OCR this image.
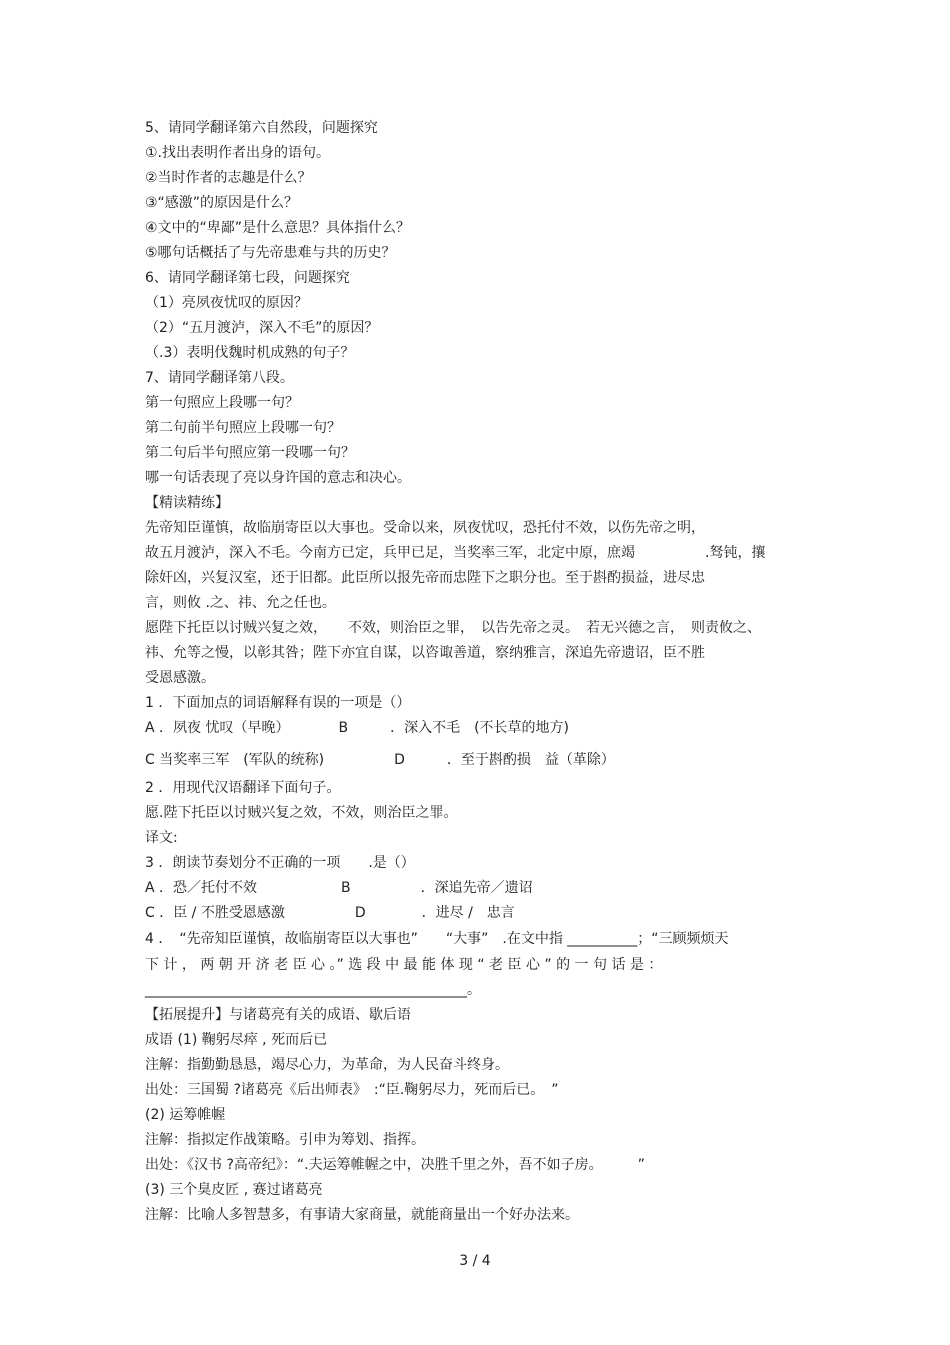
5、请同学翻译第六自然段，问题探究
①.找出表明作者出身的语句。
②当时作者的志趣是什么？
③“感激”的原因是什么？
④文中的“卑鄙”是什么意思？具体指什么？
⑤哪句话概括了与先帝患难与共的历史？
6、请同学翻译第七段，问题探究
（1）亮夙夜忧叹的原因？
（2）“五月渡泸，深入不毛”的原因？
（.3）表明伐魏时机成熟的句子？
7、请同学翻译第八段。
第一句照应上段哪一句？
第二句前半句照应上段哪一句？
第二句后半句照应第一段哪一句？
哪一句话表现了亮以身许国的意志和决心。
【精读精练】
先帝知臣谨慎，故临崩寄臣以大事也。受命以来，夙夜忧叹，恐托付不效，以伤先帝之明，
故五月渡泸，深入不毛。今南方已定，兵甲已足，当奖率三军，北定中原，庶竭　　　　　.驽钝，攘
除奸凶，兴复汉室，还于旧都。此臣所以报先帝而忠陛下之职分也。至于斟酌损益，进尽忠
言，则攸 .之、祎、允之任也。
愿陛下托臣以讨贼兴复之效，　　不效，则治臣之罪，　以告先帝之灵。　若无兴德之言，　则责攸之、
祎、允等之慢，以彰其咎；陛下亦宜自谋，以咨诹善道，察纳雅言，深追先帝遗诏，臣不胜
受恩感激。
1 ．下面加点的词语解释有误的一项是（）
A ．夙夜 忧叹（早晚）　　　　B　　　．深入不毛　(不长草的地方)
C 当奖率三军　(军队的统称)　　　　　D　　　．至于斟酌损　益（革除）
2 ．用现代汉语翻译下面句子。
愿.陛下托臣以讨贼兴复之效，不效，则治臣之罪。
译文:
3 ．朗读节奏划分不正确的一项　　.是（）
A ．恐／托付不效　　　　　　B　　　　　．深追先帝／遗诏
C ．臣 / 不胜受恩感激　　　　　D　　　　．进尽 /　忠言
4 ．　“先帝知臣谨慎，故临崩寄臣以大事也”　　“大事”　.在文中指 __________；“三顾频烦天
下 计 ， 两 朝 开 济 老 臣 心 。” 选 段 中 最 能 体 现 “ 老 臣 心 ” 的 一 句 话 是 ：
______________________________________________。
【拓展提升】与诸葛亮有关的成语、歇后语
成语 (1) 鞠躬尽瘁 , 死而后已
注解：指勤勤恳恳，竭尽心力，为革命，为人民奋斗终身。
出处：三国蜀 ?诸葛亮《后出师表》　:“臣.鞠躬尽力，死而后已。　”
(2) 运筹帷幄
注解：指拟定作战策略。引申为筹划、指挥。
出处：《汉书 ?高帝纪》：“.夫运筹帷幄之中，决胜千里之外，吾不如子房。　　　”
(3) 三个臭皮匠 , 赛过诸葛亮
注解：比喻人多智慧多，有事请大家商量，就能商量出一个好办法来。
3 / 4
